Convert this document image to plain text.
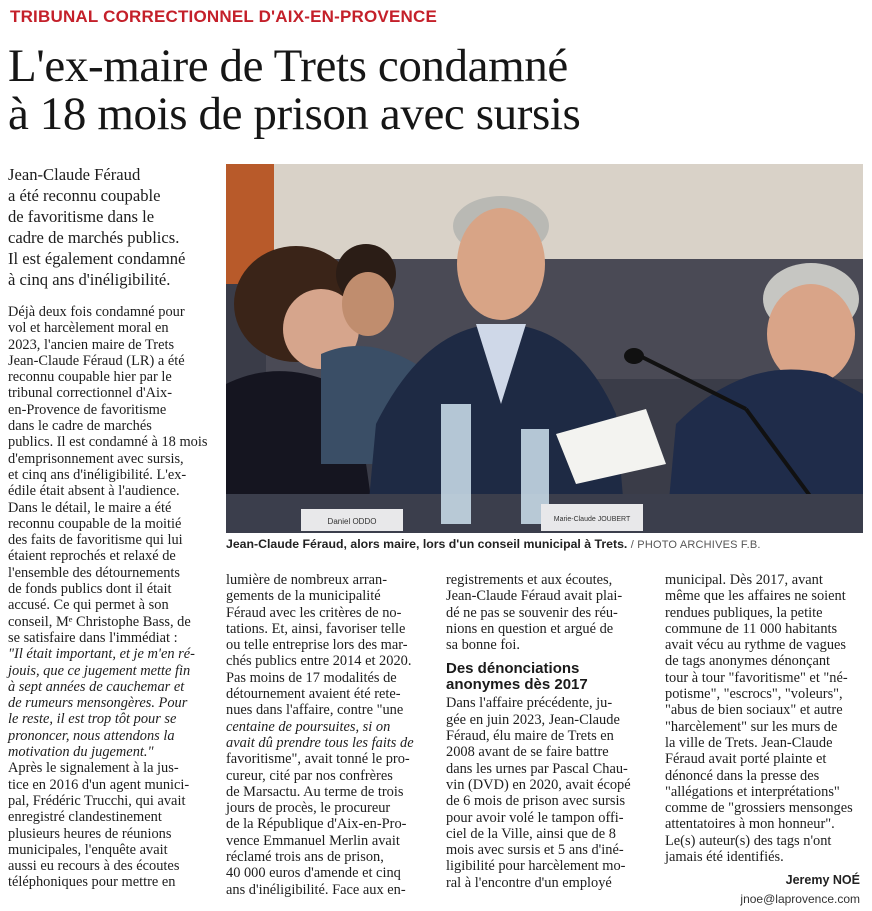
TRIBUNAL CORRECTIONNEL D'AIX-EN-PROVENCE
L'ex-maire de Trets condamné
à 18 mois de prison avec sursis
Jean-Claude Féraud
a été reconnu coupable
de favoritisme dans le
cadre de marchés publics.
Il est également condamné
à cinq ans d'inéligibilité.
Daniel ODDO	Marie-Claude JOUBERT
Jean-Claude Féraud, alors maire, lors d'un conseil municipal à Trets. / PHOTO ARCHIVES F.B.
Déjà deux fois condamné pour
vol et harcèlement moral en
2023, l'ancien maire de Trets
Jean-Claude Féraud (LR) a été
reconnu coupable hier par le
tribunal correctionnel d'Aix-
en-Provence de favoritisme
dans le cadre de marchés
publics. Il est condamné à 18 mois
d'emprisonnement avec sursis,
et cinq ans d'inéligibilité. L'ex-
édile était absent à l'audience.
Dans le détail, le maire a été
reconnu coupable de la moitié
des faits de favoritisme qui lui
étaient reprochés et relaxé de
l'ensemble des détournements
de fonds publics dont il était
accusé. Ce qui permet à son
conseil, Mᵉ Christophe Bass, de
se satisfaire dans l'immédiat :
"Il était important, et je m'en ré-
jouis, que ce jugement mette fin
à sept années de cauchemar et
de rumeurs mensongères. Pour
le reste, il est trop tôt pour se
prononcer, nous attendons la
motivation du jugement."
Après le signalement à la jus-
tice en 2016 d'un agent munici-
pal, Frédéric Trucchi, qui avait
enregistré clandestinement
plusieurs heures de réunions
municipales, l'enquête avait
aussi eu recours à des écoutes
téléphoniques pour mettre en
lumière de nombreux arran-
gements de la municipalité
Féraud avec les critères de no-
tations. Et, ainsi, favoriser telle
ou telle entreprise lors des mar-
chés publics entre 2014 et 2020.
Pas moins de 17 modalités de
détournement avaient été rete-
nues dans l'affaire, contre "une
centaine de poursuites, si on
avait dû prendre tous les faits de
favoritisme", avait tonné le pro-
cureur, cité par nos confrères
de Marsactu. Au terme de trois
jours de procès, le procureur
de la République d'Aix-en-Pro-
vence Emmanuel Merlin avait
réclamé trois ans de prison,
40 000 euros d'amende et cinq
ans d'inéligibilité. Face aux en-
registrements et aux écoutes,
Jean-Claude Féraud avait plai-
dé ne pas se souvenir des réu-
nions en question et argué de
sa bonne foi.
Des dénonciations
anonymes dès 2017
Dans l'affaire précédente, ju-
gée en juin 2023, Jean-Claude
Féraud, élu maire de Trets en
2008 avant de se faire battre
dans les urnes par Pascal Chau-
vin (DVD) en 2020, avait écopé
de 6 mois de prison avec sursis
pour avoir volé le tampon offi-
ciel de la Ville, ainsi que de 8
mois avec sursis et 5 ans d'iné-
ligibilité pour harcèlement mo-
ral à l'encontre d'un employé
municipal. Dès 2017, avant
même que les affaires ne soient
rendues publiques, la petite
commune de 11 000 habitants
avait vécu au rythme de vagues
de tags anonymes dénonçant
tour à tour "favoritisme" et "né-
potisme", "escrocs", "voleurs",
"abus de bien sociaux" et autre
"harcèlement" sur les murs de
la ville de Trets. Jean-Claude
Féraud avait porté plainte et
dénoncé dans la presse des
"allégations et interprétations"
comme de "grossiers mensonges
attentatoires à mon honneur".
Le(s) auteur(s) des tags n'ont
jamais été identifiés.
Jeremy NOÉ
jnoe@laprovence.com
